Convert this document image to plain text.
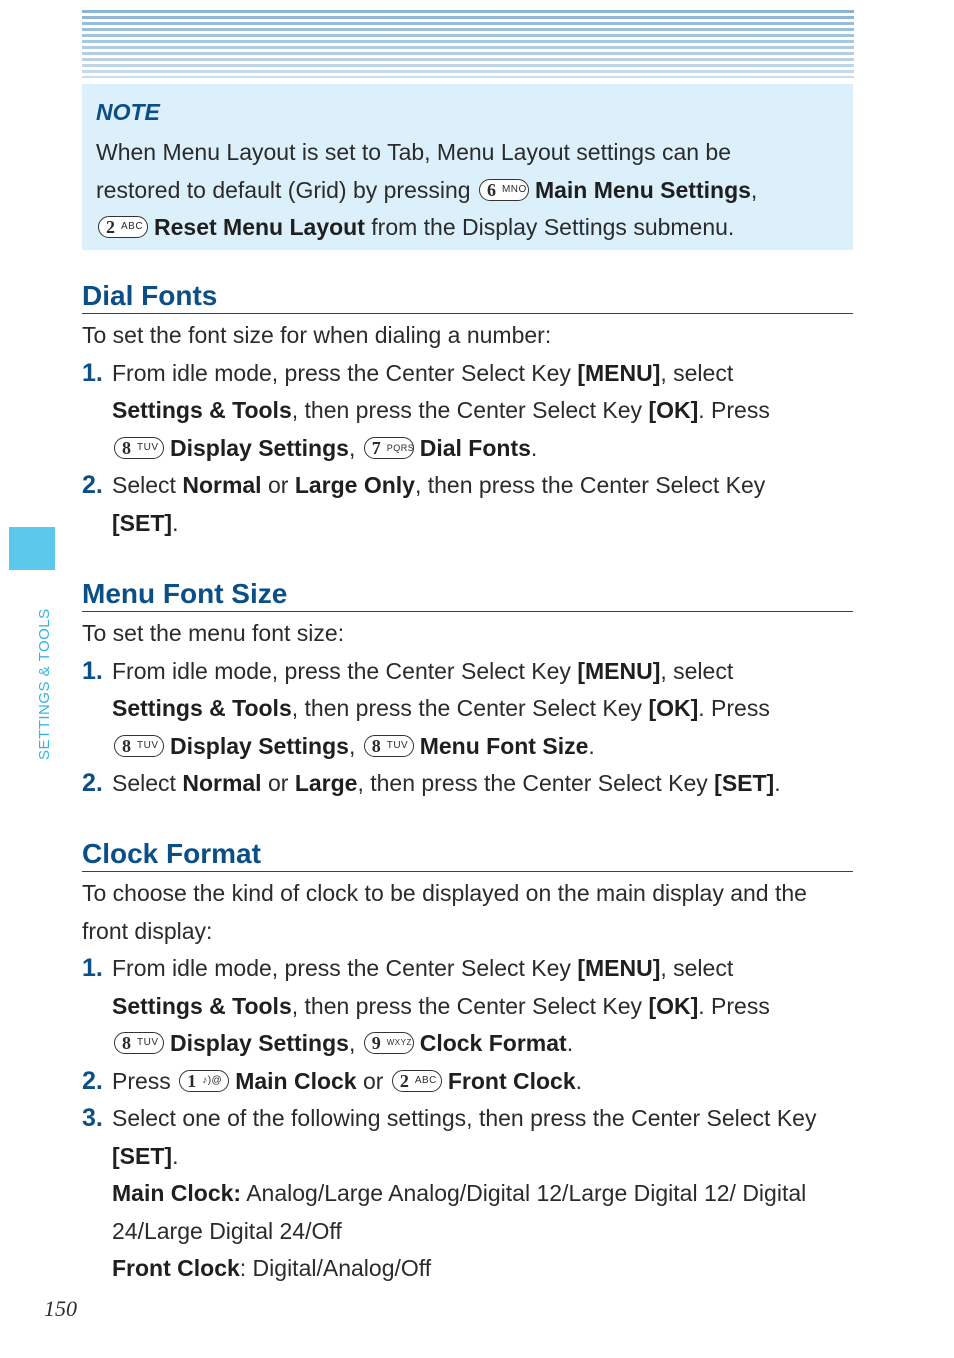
NOTE
When Menu Layout is set to Tab, Menu Layout settings can be
restored to default (Grid) by pressing 6 MNO Main Menu Settings,

2 ABC Reset Menu Layout from the Display Settings submenu.
Dial Fonts
To set the font size for when dialing a number:
1. From idle mode, press the Center Select Key [MENU], select
Settings & Tools, then press the Center Select Key [OK]. Press

8 TUV Display Settings, 7 PQRS Dial Fonts.
2. Select Normal or Large Only, then press the Center Select Key
[SET].
Menu Font Size
To set the menu font size:
1. From idle mode, press the Center Select Key [MENU], select
Settings & Tools, then press the Center Select Key [OK]. Press

8 TUV Display Settings, 8 TUV Menu Font Size.
2. Select Normal or Large, then press the Center Select Key [SET].
Clock Format
To choose the kind of clock to be displayed on the main display and the front display:
1. From idle mode, press the Center Select Key [MENU], select
Settings & Tools, then press the Center Select Key [OK]. Press

8 TUV Display Settings, 9 WXYZ Clock Format.
2. Press 1 ♪)@ Main Clock or 2 ABC Front Clock.
3. Select one of the following settings, then press the Center Select Key [SET].

Main Clock: Analog/Large Analog/Digital 12/Large Digital 12/ Digital 24/Large Digital 24/Off
Front Clock: Digital/Analog/Off
SETTINGS & TOOLS
150
